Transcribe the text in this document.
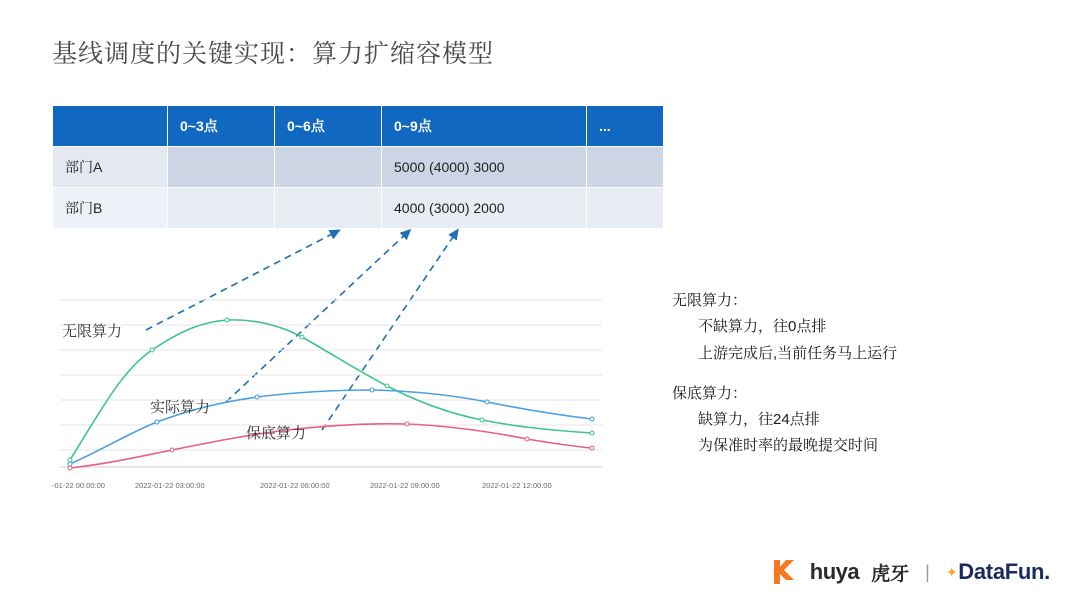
基线调度的关键实现：算力扩缩容模型
	0~3点	0~6点	0~9点	...
部门A			5000 (4000) 3000	
部门B			4000 (3000) 2000	
-01-22 00:00:00	2022-01-22 03:00:00	2022-01-22 06:00:00	2022-01-22 09:00:00	2022-01-22 12:00:00
无限算力
实际算力
保底算力
无限算力：
不缺算力，往0点排
上游完成后,当前任务马上运行
保底算力：
缺算力，往24点排
为保准时率的最晚提交时间
huya 虎牙 | ✦ DataFun.
